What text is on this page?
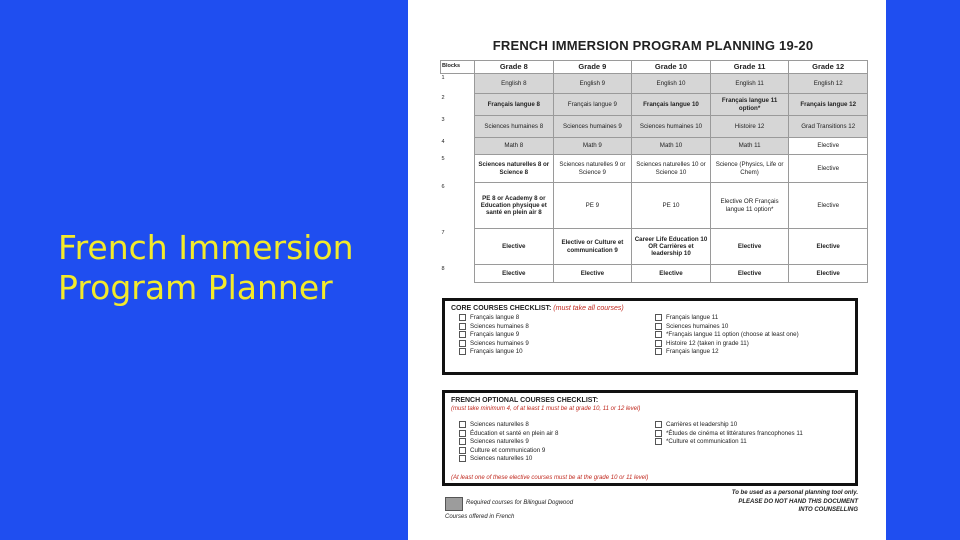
French Immersion
Program Planner
FRENCH IMMERSION PROGRAM PLANNING 19-20
Blocks	Grade 8	Grade 9	Grade 10	Grade 11	Grade 12
1	English 8	English 9	English 10	English 11	English 12
2	Français langue 8	Français langue 9	Français langue 10	Français langue 11 option*	Français langue 12
3	Sciences humaines 8	Sciences humaines 9	Sciences humaines 10	Histoire 12	Grad Transitions 12
4	Math 8	Math 9	Math 10	Math 11	Elective
5	Sciences naturelles 8 or Science 8	Sciences naturelles 9 or Science 9	Sciences naturelles 10 or Science 10	Science (Physics, Life or Chem)	Elective
6	PE 8 or Academy 8 or Education physique et santé en plein air 8	PE 9	PE 10	Elective OR Français langue 11 option*	Elective
7	Elective	Elective or Culture et communication 9	Career Life Education 10 OR Carrières et leadership 10	Elective	Elective
8	Elective	Elective	Elective	Elective	Elective
CORE COURSES CHECKLIST: (must take all courses)
Français langue 8
Sciences humaines 8
Français langue 9
Sciences humaines 9
Français langue 10
Français langue 11
Sciences humaines 10
*Français langue 11 option (choose at least one)
Histoire 12 (taken in grade 11)
Français langue 12
FRENCH OPTIONAL COURSES CHECKLIST:
(must take minimum 4, of at least 1 must be at grade 10, 11 or 12 level)
Sciences naturelles 8
Éducation et santé en plein air 8
Sciences naturelles 9
Culture et communication 9
Sciences naturelles 10
Carrières et leadership 10
*Études de cinéma et littératures francophones 11
*Culture et communication 11
(At least one of these elective courses must be at the grade 10 or 11 level)
Required courses for Bilingual Dogwood
Courses offered in French
To be used as a personal planning tool only.
PLEASE DO NOT HAND THIS DOCUMENT
INTO COUNSELLING
